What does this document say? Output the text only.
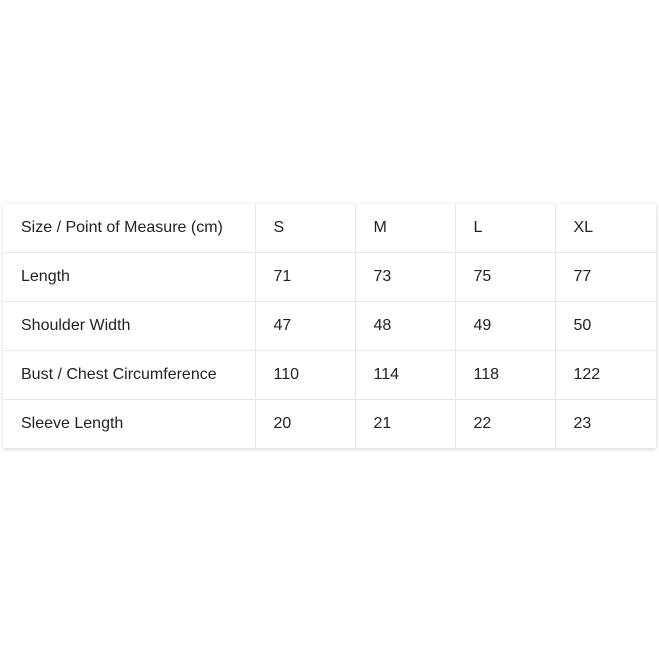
Size / Point of Measure (cm)	S	M	L	XL
Length	71	73	75	77
Shoulder Width	47	48	49	50
Bust / Chest Circumference	110	114	118	122
Sleeve Length	20	21	22	23
